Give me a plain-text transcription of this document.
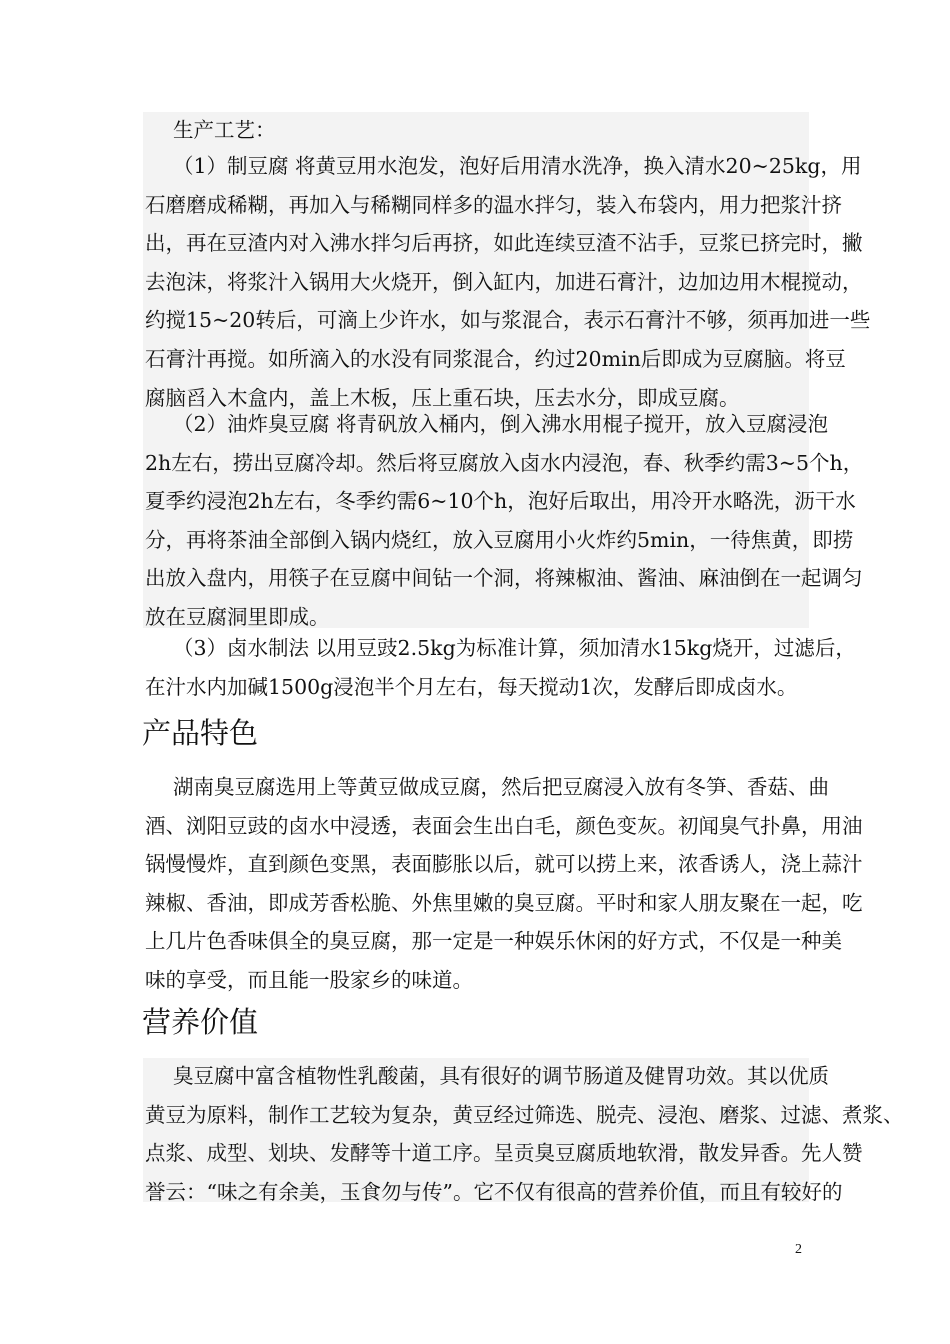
产品特色
营养价值
生产工艺：
（1）制豆腐 将黄豆用水泡发，泡好后用清水洗净，换入清水20~25kg，用
石磨磨成稀糊，再加入与稀糊同样多的温水拌匀，装入布袋内，用力把浆汁挤
出，再在豆渣内对入沸水拌匀后再挤，如此连续豆渣不沾手，豆浆已挤完时，撇
去泡沫，将浆汁入锅用大火烧开，倒入缸内，加进石膏汁，边加边用木棍搅动，
约搅15~20转后，可滴上少许水，如与浆混合，表示石膏汁不够，须再加进一些
石膏汁再搅。如所滴入的水没有同浆混合，约过20min后即成为豆腐脑。将豆
腐脑舀入木盒内，盖上木板，压上重石块，压去水分，即成豆腐。
（2）油炸臭豆腐 将青矾放入桶内，倒入沸水用棍子搅开，放入豆腐浸泡
2h左右，捞出豆腐冷却。然后将豆腐放入卤水内浸泡，春、秋季约需3~5个h，
夏季约浸泡2h左右，冬季约需6~10个h，泡好后取出，用冷开水略洗，沥干水
分，再将茶油全部倒入锅内烧红，放入豆腐用小火炸约5min，一待焦黄，即捞
出放入盘内，用筷子在豆腐中间钻一个洞，将辣椒油、酱油、麻油倒在一起调匀
放在豆腐洞里即成。
（3）卤水制法 以用豆豉2.5kg为标准计算，须加清水15kg烧开，过滤后，
在汁水内加碱1500g浸泡半个月左右，每天搅动1次，发酵后即成卤水。
湖南臭豆腐选用上等黄豆做成豆腐，然后把豆腐浸入放有冬笋、香菇、曲
酒、浏阳豆豉的卤水中浸透，表面会生出白毛，颜色变灰。初闻臭气扑鼻，用油
锅慢慢炸，直到颜色变黑，表面膨胀以后，就可以捞上来，浓香诱人，浇上蒜汁
辣椒、香油，即成芳香松脆、外焦里嫩的臭豆腐。平时和家人朋友聚在一起，吃
上几片色香味俱全的臭豆腐，那一定是一种娱乐休闲的好方式，不仅是一种美
味的享受，而且能一股家乡的味道。
臭豆腐中富含植物性乳酸菌，具有很好的调节肠道及健胃功效。其以优质
黄豆为原料，制作工艺较为复杂，黄豆经过筛选、脱壳、浸泡、磨浆、过滤、煮浆、
点浆、成型、划块、发酵等十道工序。呈贡臭豆腐质地软滑，散发异香。先人赞
誉云：“味之有余美，玉食勿与传”。它不仅有很高的营养价值，而且有较好的
2
